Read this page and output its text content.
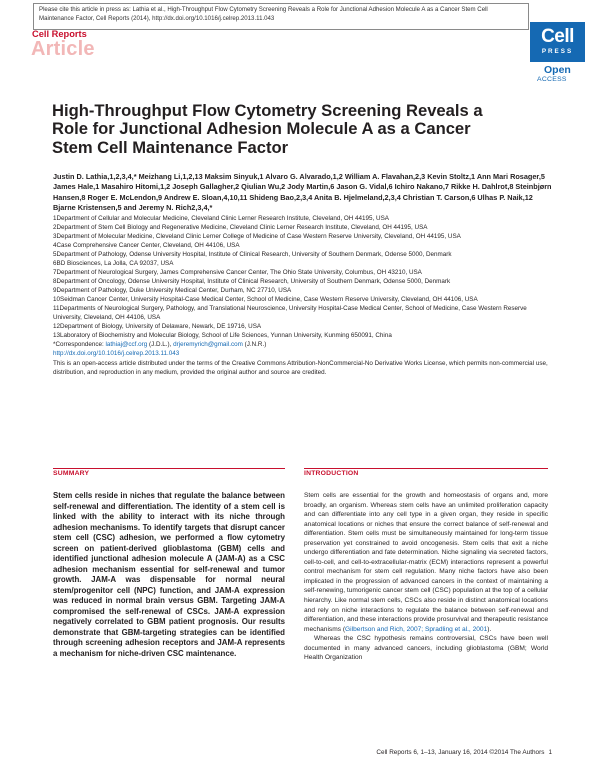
Please cite this article in press as: Lathia et al., High-Throughput Flow Cytometry Screening Reveals a Role for Junctional Adhesion Molecule A as a Cancer Stem Cell Maintenance Factor, Cell Reports (2014), http://dx.doi.org/10.1016/j.celrep.2013.11.043
Cell Reports
Article
Cell
PRESS
Open
ACCESS
High-Throughput Flow Cytometry Screening Reveals a Role for Junctional Adhesion Molecule A as a Cancer Stem Cell Maintenance Factor
Justin D. Lathia,1,2,3,4,* Meizhang Li,1,2,13 Maksim Sinyuk,1 Alvaro G. Alvarado,1,2 William A. Flavahan,2,3 Kevin Stoltz,1 Ann Mari Rosager,5 James Hale,1 Masahiro Hitomi,1,2 Joseph Gallagher,2 Qiulian Wu,2 Jody Martin,6 Jason G. Vidal,6 Ichiro Nakano,7 Rikke H. Dahlrot,8 Steinbjørn Hansen,8 Roger E. McLendon,9 Andrew E. Sloan,4,10,11 Shideng Bao,2,3,4 Anita B. Hjelmeland,2,3,4 Christian T. Carson,6 Ulhas P. Naik,12 Bjarne Kristensen,5 and Jeremy N. Rich2,3,4,*
1Department of Cellular and Molecular Medicine, Cleveland Clinic Lerner Research Institute, Cleveland, OH 44195, USA
2Department of Stem Cell Biology and Regenerative Medicine, Cleveland Clinic Lerner Research Institute, Cleveland, OH 44195, USA
3Department of Molecular Medicine, Cleveland Clinic Lerner College of Medicine of Case Western Reserve University, Cleveland, OH 44195, USA
4Case Comprehensive Cancer Center, Cleveland, OH 44106, USA
5Department of Pathology, Odense University Hospital, Institute of Clinical Research, University of Southern Denmark, Odense 5000, Denmark
6BD Biosciences, La Jolla, CA 92037, USA
7Department of Neurological Surgery, James Comprehensive Cancer Center, The Ohio State University, Columbus, OH 43210, USA
8Department of Oncology, Odense University Hospital, Institute of Clinical Research, University of Southern Denmark, Odense 5000, Denmark
9Department of Pathology, Duke University Medical Center, Durham, NC 27710, USA
10Seidman Cancer Center, University Hospital-Case Medical Center, School of Medicine, Case Western Reserve University, Cleveland, OH 44106, USA
11Departments of Neurological Surgery, Pathology, and Translational Neuroscience, University Hospital-Case Medical Center, School of Medicine, Case Western Reserve University, Cleveland, OH 44106, USA
12Department of Biology, University of Delaware, Newark, DE 19716, USA
13Laboratory of Biochemistry and Molecular Biology, School of Life Sciences, Yunnan University, Kunming 650091, China
*Correspondence: lathiaj@ccf.org (J.D.L.), drjeremyrich@gmail.com (J.N.R.)
http://dx.doi.org/10.1016/j.celrep.2013.11.043
This is an open-access article distributed under the terms of the Creative Commons Attribution-NonCommercial-No Derivative Works License, which permits non-commercial use, distribution, and reproduction in any medium, provided the original author and source are credited.
SUMMARY	INTRODUCTION
Stem cells reside in niches that regulate the balance between self-renewal and differentiation. The identity of a stem cell is linked with the ability to interact with its niche through adhesion mechanisms. To identify targets that disrupt cancer stem cell (CSC) adhesion, we performed a flow cytometry screen on patient-derived glioblastoma (GBM) cells and identified junctional adhesion molecule A (JAM-A) as a CSC adhesion mechanism essential for self-renewal and tumor growth. JAM-A was dispensable for normal neural stem/progenitor cell (NPC) function, and JAM-A expression was reduced in normal brain versus GBM. Targeting JAM-A compromised the self-renewal of CSCs. JAM-A expression negatively correlated to GBM patient prognosis. Our results demonstrate that GBM-targeting strategies can be identified through screening adhesion receptors and JAM-A represents a mechanism for niche-driven CSC maintenance.

Stem cells are essential for the growth and homeostasis of organs and, more broadly, an organism. Whereas stem cells have an unlimited proliferation capacity and can differentiate into any cell type in a given organ, they reside in specific anatomical locations or niches that ensure the correct balance of self-renewal and differentiation. Stem cells must be simultaneously maintained for long-term tissue preservation yet constrained to avoid oncogenesis. Stem cells that exit a niche undergo differentiation and fate determination. Niche signaling via secreted factors, cell-to-cell, and cell-to-extracellular-matrix (ECM) interactions represent a powerful control mechanism for stem cell regulation. Many niche factors have also been implicated in the progression of advanced cancers in the context of maintaining a self-renewing, tumorigenic cancer stem cell (CSC) population at the top of a cellular hierarchy. Like normal stem cells, CSCs also reside in distinct anatomical locations and rely on niche interactions to regulate the balance between self-renewal and differentiation, and these interactions provide prosurvival and therapeutic resistance mechanisms (Gilbertson and Rich, 2007; Spradling et al., 2001).

Whereas the CSC hypothesis remains controversial, CSCs have been well documented in many advanced cancers, including glioblastoma (GBM; World Health Organization

Cell Reports 6, 1–13, January 16, 2014 ©2014 The Authors 1
